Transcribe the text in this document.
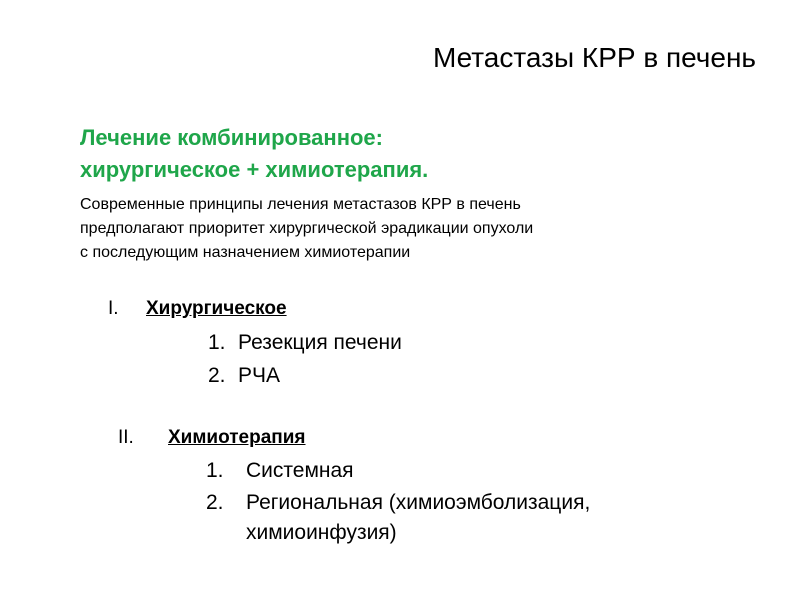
Метастазы КРР в печень
Лечение комбинированное:
хирургическое + химиотерапия.
Современные принципы лечения метастазов КРР в печень
предполагают приоритет хирургической эрадикации опухоли
с последующим назначением химиотерапии
I. Хирургическое
1. Резекция печени
2. РЧА
II. Химиотерапия
1. Системная
2. Региональная (химиоэмболизация, химиоинфузия)
